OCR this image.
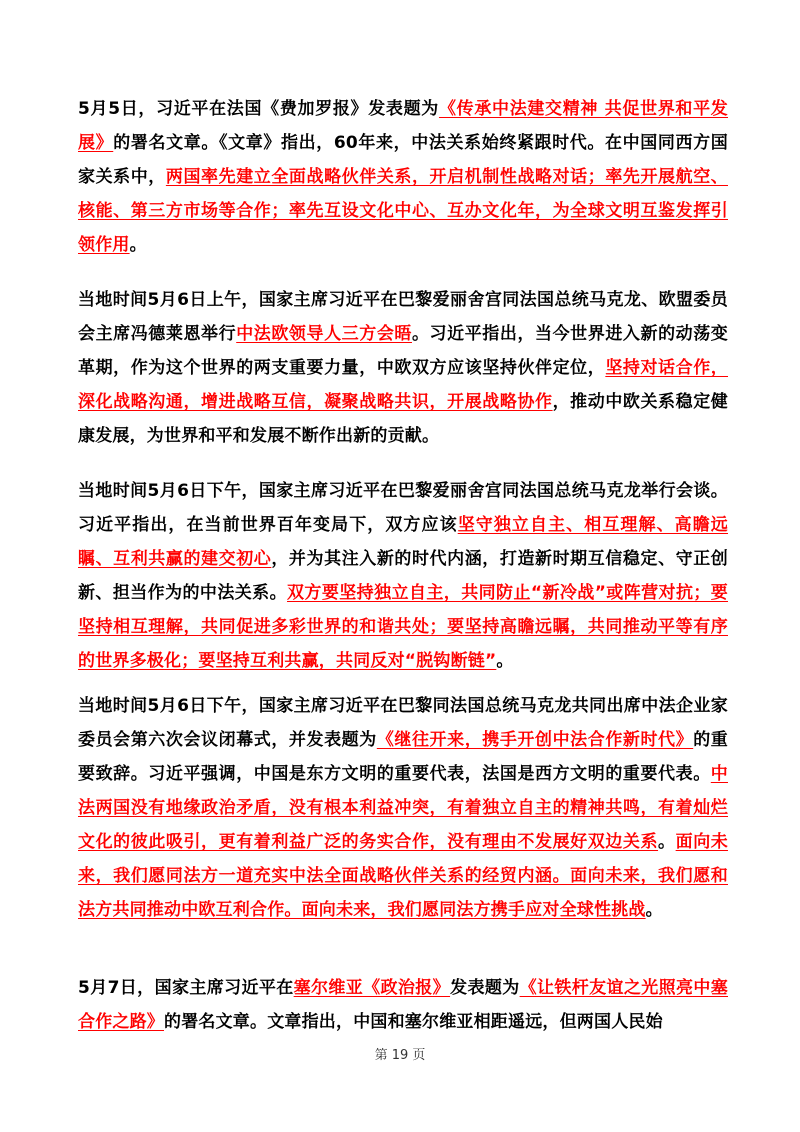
5月5日，习近平在法国《费加罗报》发表题为《传承中法建交精神 共促世界和平发展》的署名文章。《文章》指出，60年来，中法关系始终紧跟时代。在中国同西方国家关系中，两国率先建立全面战略伙伴关系，开启机制性战略对话；率先开展航空、核能、第三方市场等合作；率先互设文化中心、互办文化年，为全球文明互鉴发挥引领作用。

当地时间5月6日上午，国家主席习近平在巴黎爱丽舍宫同法国总统马克龙、欧盟委员会主席冯德莱恩举行中法欧领导人三方会晤。习近平指出，当今世界进入新的动荡变革期，作为这个世界的两支重要力量，中欧双方应该坚持伙伴定位，坚持对话合作，深化战略沟通，增进战略互信，凝聚战略共识，开展战略协作，推动中欧关系稳定健康发展，为世界和平和发展不断作出新的贡献。

当地时间5月6日下午，国家主席习近平在巴黎爱丽舍宫同法国总统马克龙举行会谈。习近平指出，在当前世界百年变局下，双方应该坚守独立自主、相互理解、高瞻远瞩、互利共赢的建交初心，并为其注入新的时代内涵，打造新时期互信稳定、守正创新、担当作为的中法关系。双方要坚持独立自主，共同防止“新冷战”或阵营对抗；要坚持相互理解，共同促进多彩世界的和谐共处；要坚持高瞻远瞩，共同推动平等有序的世界多极化；要坚持互利共赢，共同反对“脱钩断链”。

当地时间5月6日下午，国家主席习近平在巴黎同法国总统马克龙共同出席中法企业家委员会第六次会议闭幕式，并发表题为《继往开来，携手开创中法合作新时代》的重要致辞。习近平强调，中国是东方文明的重要代表，法国是西方文明的重要代表。中法两国没有地缘政治矛盾，没有根本利益冲突，有着独立自主的精神共鸣，有着灿烂文化的彼此吸引，更有着利益广泛的务实合作，没有理由不发展好双边关系。面向未来，我们愿同法方一道充实中法全面战略伙伴关系的经贸内涵。面向未来，我们愿和法方共同推动中欧互利合作。面向未来，我们愿同法方携手应对全球性挑战。

5月7日，国家主席习近平在塞尔维亚《政治报》发表题为《让铁杆友谊之光照亮中塞合作之路》的署名文章。文章指出，中国和塞尔维亚相距遥远，但两国人民始

第 19 页
